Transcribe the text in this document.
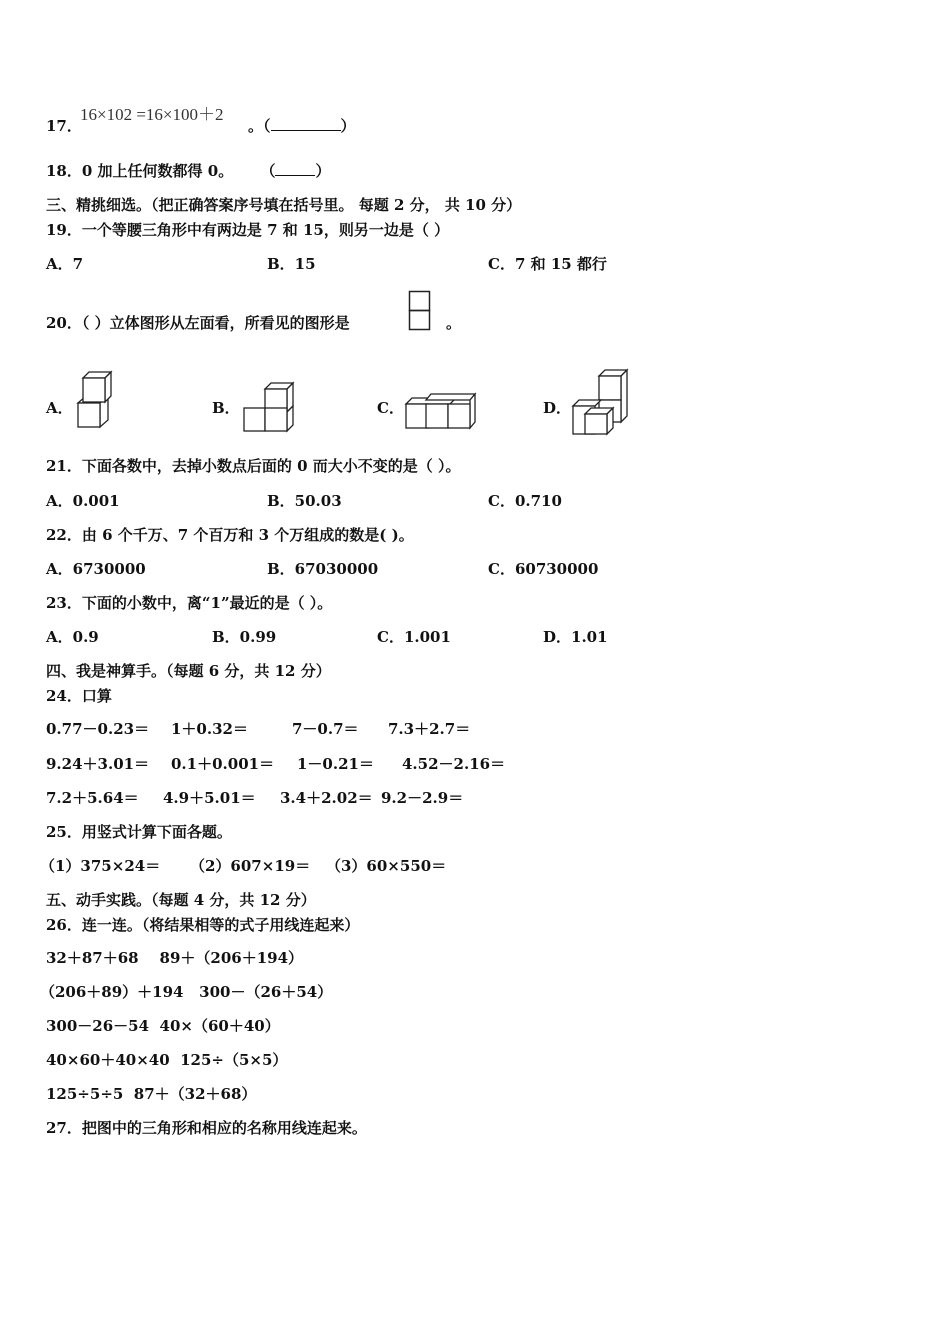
17．
16×102 =16×100＋2
。（	）
18．0 加上任何数都得 0。 （	）
三、精挑细选。（把正确答案序号填在括号里。 每题 2 分， 共 10 分）
19．一个等腰三角形中有两边是 7 和 15，则另一边是（ ）
A．7	B．15	C．7 和 15 都行
20．（ ）立体图形从左面看，所看见的图形是	。
A．	B．	C．	D．
21．下面各数中，去掉小数点后面的 0 而大小不变的是（ ）。
A．0.001	B．50.03	C．0.710
22．由 6 个千万、7 个百万和 3 个万组成的数是( )。
A．6730000	B．67030000	C．60730000
23．下面的小数中，离“1”最近的是（ ）。
A．0.9	B．0.99	C．1.001	D．1.01
四、我是神算手。（每题 6 分，共 12 分）
24．口算
0.77－0.23＝ 1＋0.32＝	7－0.7＝ 7.3＋2.7＝
9.24＋3.01＝ 0.1＋0.001＝ 1－0.21＝ 4.52－2.16＝
7.2＋5.64＝ 4.9＋5.01＝ 3.4＋2.02＝ 9.2－2.9＝
25．用竖式计算下面各题。
（1）375×24＝ （2）607×19＝ （3）60×550＝
五、动手实践。（每题 4 分，共 12 分）
26．连一连。（将结果相等的式子用线连起来）
32＋87＋68    89＋（206＋194）
（206＋89）＋194   300－（26＋54）
300－26－54  40×（60＋40）
40×60＋40×40  125÷（5×5）
125÷5÷5  87＋（32＋68）
27．把图中的三角形和相应的名称用线连起来。
